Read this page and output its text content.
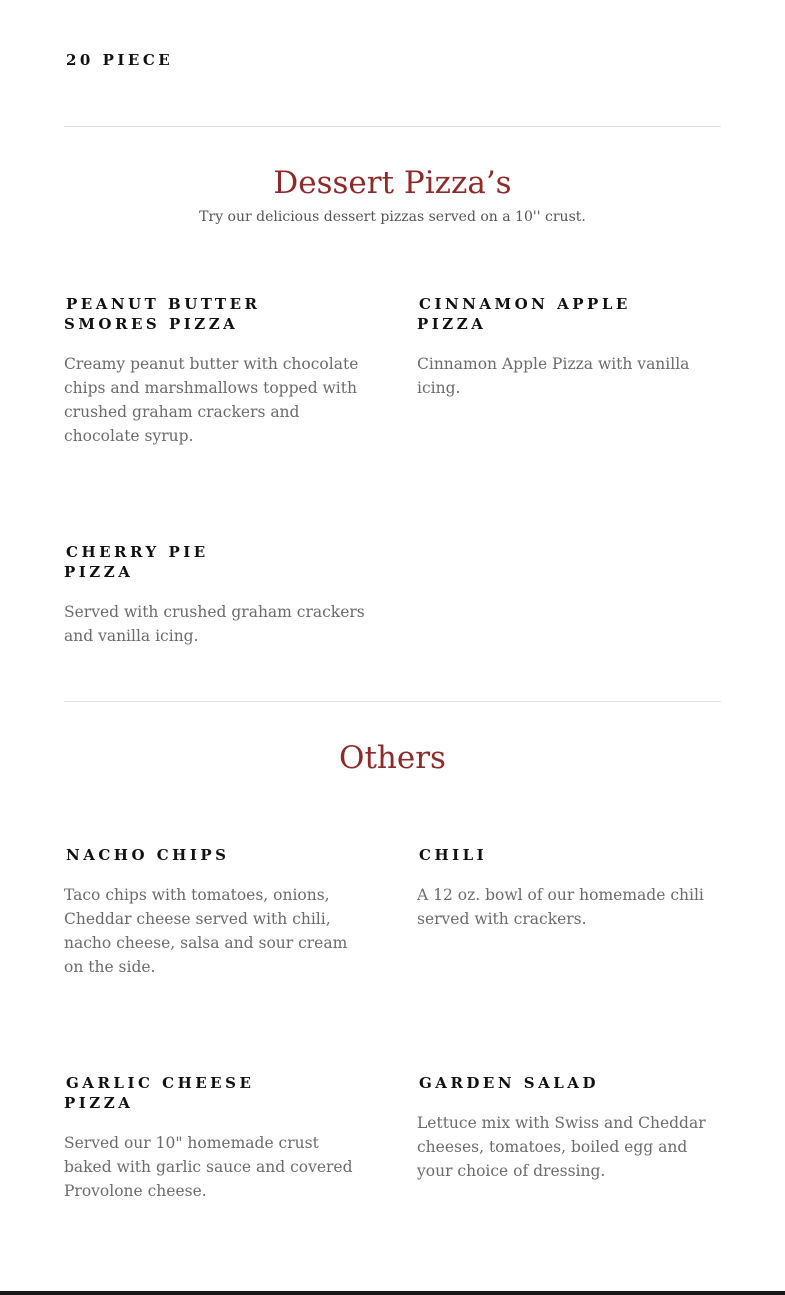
20 PIECE
Dessert Pizza’s

Try our delicious dessert pizzas served on a 10'' crust.

PEANUT BUTTER
SMORES PIZZA

Creamy peanut butter with chocolate chips and marshmallows topped with crushed graham crackers and chocolate syrup.

CINNAMON APPLE
PIZZA

Cinnamon Apple Pizza with vanilla icing.

CHERRY PIE
PIZZA

Served with crushed graham crackers and vanilla icing.

Others
NACHO CHIPS

Taco chips with tomatoes, onions, Cheddar cheese served with chili, nacho cheese, salsa and sour cream on the side.

CHILI

A 12 oz. bowl of our homemade chili served with crackers.

GARLIC CHEESE
PIZZA

Served our 10" homemade crust baked with garlic sauce and covered Provolone cheese.

GARDEN SALAD

Lettuce mix with Swiss and Cheddar cheeses, tomatoes, boiled egg and your choice of dressing.
